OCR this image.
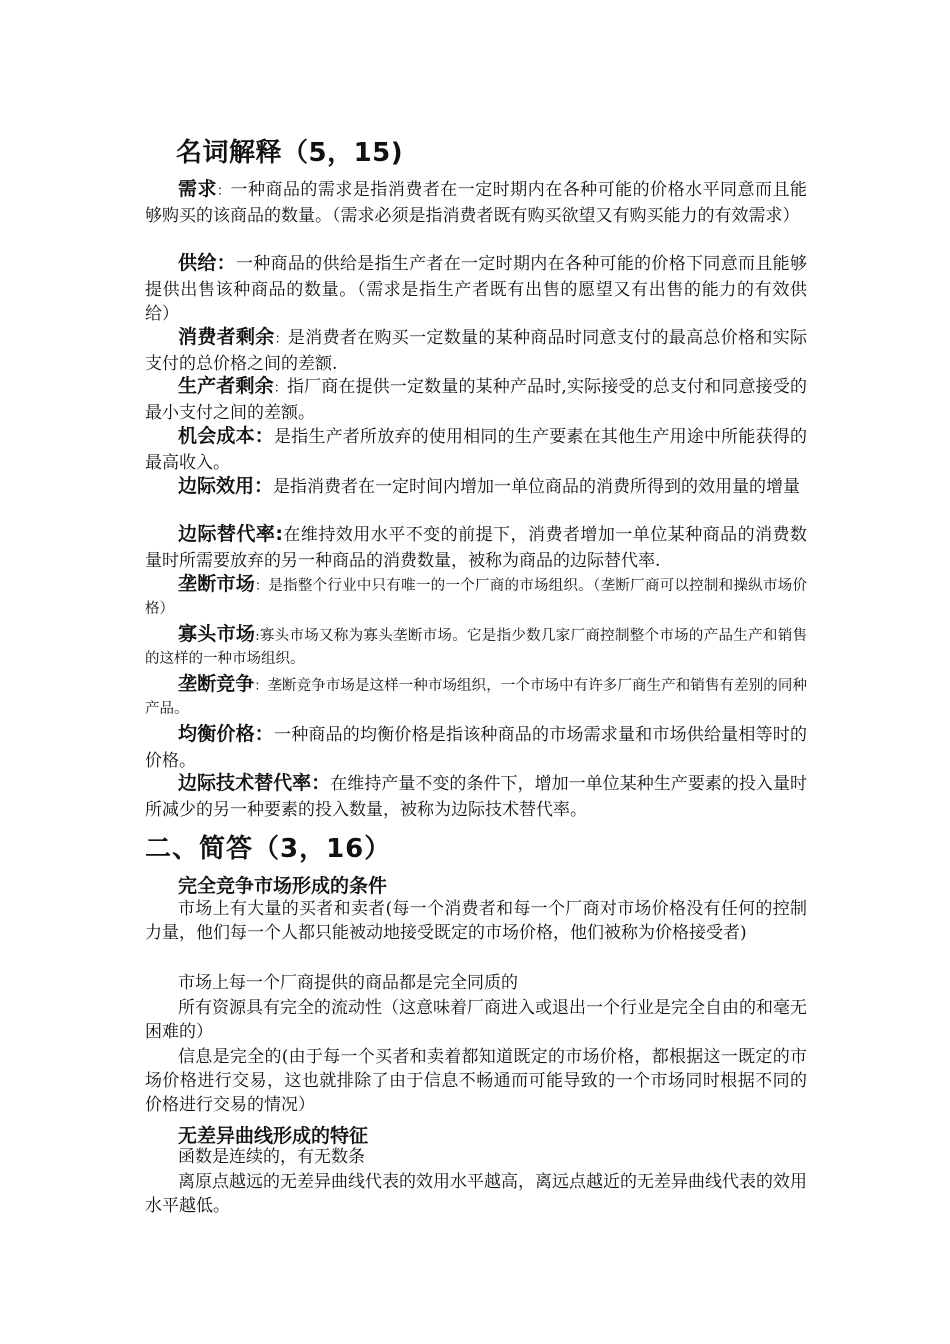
名词解释（5，15)

需求：一种商品的需求是指消费者在一定时期内在各种可能的价格水平同意而且能够购买的该商品的数量。（需求必须是指消费者既有购买欲望又有购买能力的有效需求）

供给：一种商品的供给是指生产者在一定时期内在各种可能的价格下同意而且能够提供出售该种商品的数量。（需求是指生产者既有出售的愿望又有出售的能力的有效供给）

消费者剩余：是消费者在购买一定数量的某种商品时同意支付的最高总价格和实际支付的总价格之间的差额.

生产者剩余：指厂商在提供一定数量的某种产品时,实际接受的总支付和同意接受的最小支付之间的差额。

机会成本：是指生产者所放弃的使用相同的生产要素在其他生产用途中所能获得的最高收入。

边际效用：是指消费者在一定时间内增加一单位商品的消费所得到的效用量的增量

边际替代率:在维持效用水平不变的前提下，消费者增加一单位某种商品的消费数量时所需要放弃的另一种商品的消费数量，被称为商品的边际替代率.

垄断市场：是指整个行业中只有唯一的一个厂商的市场组织。（垄断厂商可以控制和操纵市场价格）

寡头市场:寡头市场又称为寡头垄断市场。它是指少数几家厂商控制整个市场的产品生产和销售的这样的一种市场组织。

垄断竞争：垄断竞争市场是这样一种市场组织，一个市场中有许多厂商生产和销售有差别的同种产品。

均衡价格：一种商品的均衡价格是指该种商品的市场需求量和市场供给量相等时的价格。

边际技术替代率：在维持产量不变的条件下，增加一单位某种生产要素的投入量时所减少的另一种要素的投入数量，被称为边际技术替代率。

二、简答（3，16）
完全竞争市场形成的条件

市场上有大量的买者和卖者(每一个消费者和每一个厂商对市场价格没有任何的控制力量，他们每一个人都只能被动地接受既定的市场价格，他们被称为价格接受者)

市场上每一个厂商提供的商品都是完全同质的

所有资源具有完全的流动性（这意味着厂商进入或退出一个行业是完全自由的和毫无困难的）

信息是完全的(由于每一个买者和卖着都知道既定的市场价格，都根据这一既定的市场价格进行交易，这也就排除了由于信息不畅通而可能导致的一个市场同时根据不同的价格进行交易的情况）

无差异曲线形成的特征

函数是连续的，有无数条

离原点越远的无差异曲线代表的效用水平越高，离远点越近的无差异曲线代表的效用水平越低。
